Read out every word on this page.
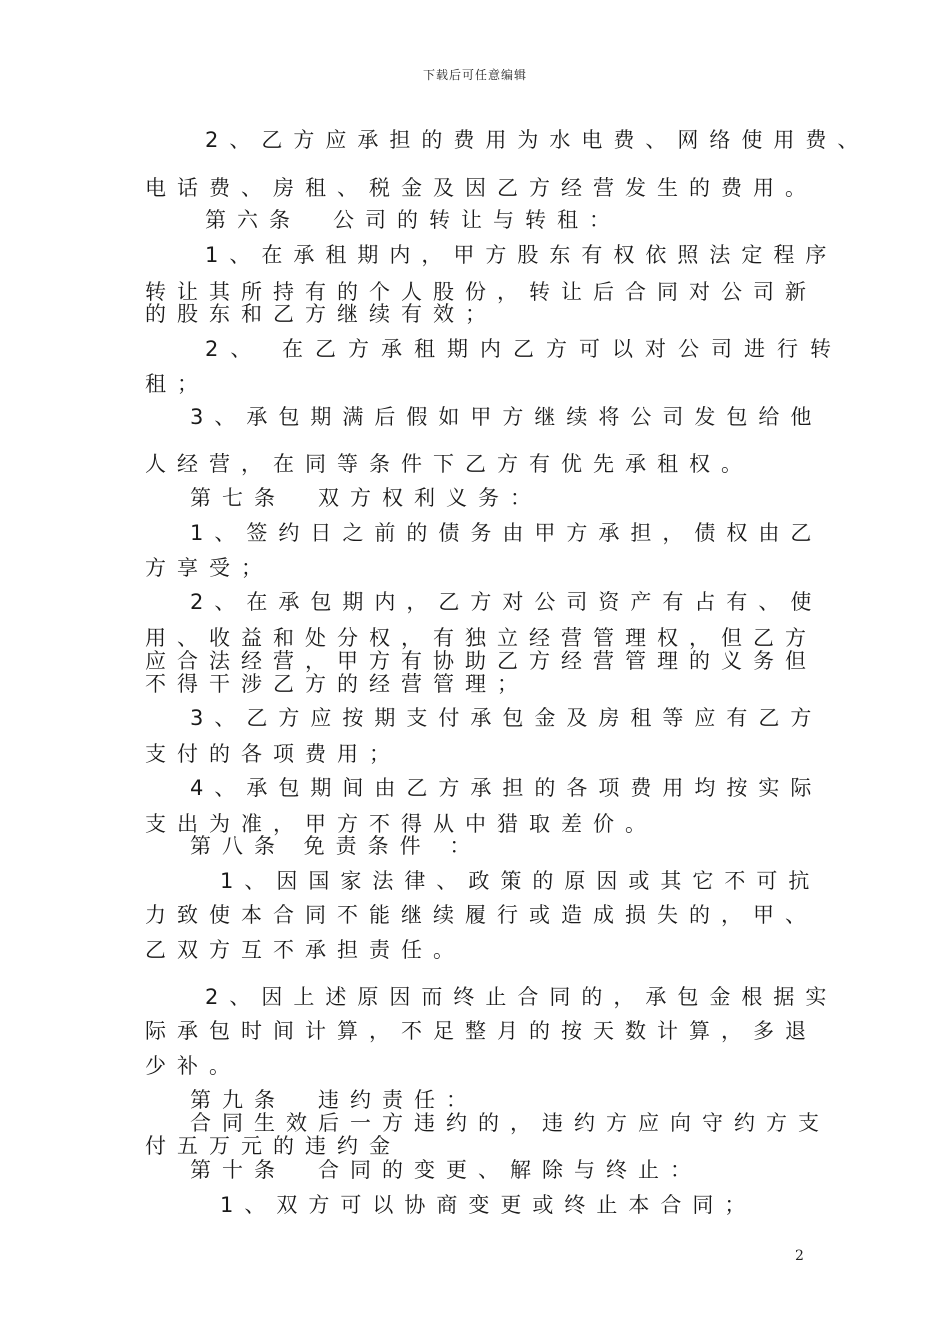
下载后可任意编辑
2、乙方应承担的费用为水电费、网络使用费、
电话费、房租、税金及因乙方经营发生的费用。
第六条　公司的转让与转租：
1、在承租期内，甲方股东有权依照法定程序
转让其所持有的个人股份，转让后合同对公司新
的股东和乙方继续有效；
2、 在乙方承租期内乙方可以对公司进行转
租；
3、承包期满后假如甲方继续将公司发包给他
人经营，在同等条件下乙方有优先承租权。
第七条　双方权利义务：
1、签约日之前的债务由甲方承担，债权由乙
方享受；
2、在承包期内，乙方对公司资产有占有、使
用、收益和处分权，有独立经营管理权，但乙方
应合法经营，甲方有协助乙方经营管理的义务但
不得干涉乙方的经营管理；
3、乙方应按期支付承包金及房租等应有乙方
支付的各项费用；
4、承包期间由乙方承担的各项费用均按实际
支出为准，甲方不得从中猎取差价。
第八条 免责条件 ：
1、因国家法律、政策的原因或其它不可抗
力致使本合同不能继续履行或造成损失的，甲、
乙双方互不承担责任。
2、因上述原因而终止合同的，承包金根据实
际承包时间计算，不足整月的按天数计算，多退
少补。
第九条　违约责任：
合同生效后一方违约的，违约方应向守约方支
付五万元的违约金
第十条　合同的变更、解除与终止：
1、双方可以协商变更或终止本合同；
2
